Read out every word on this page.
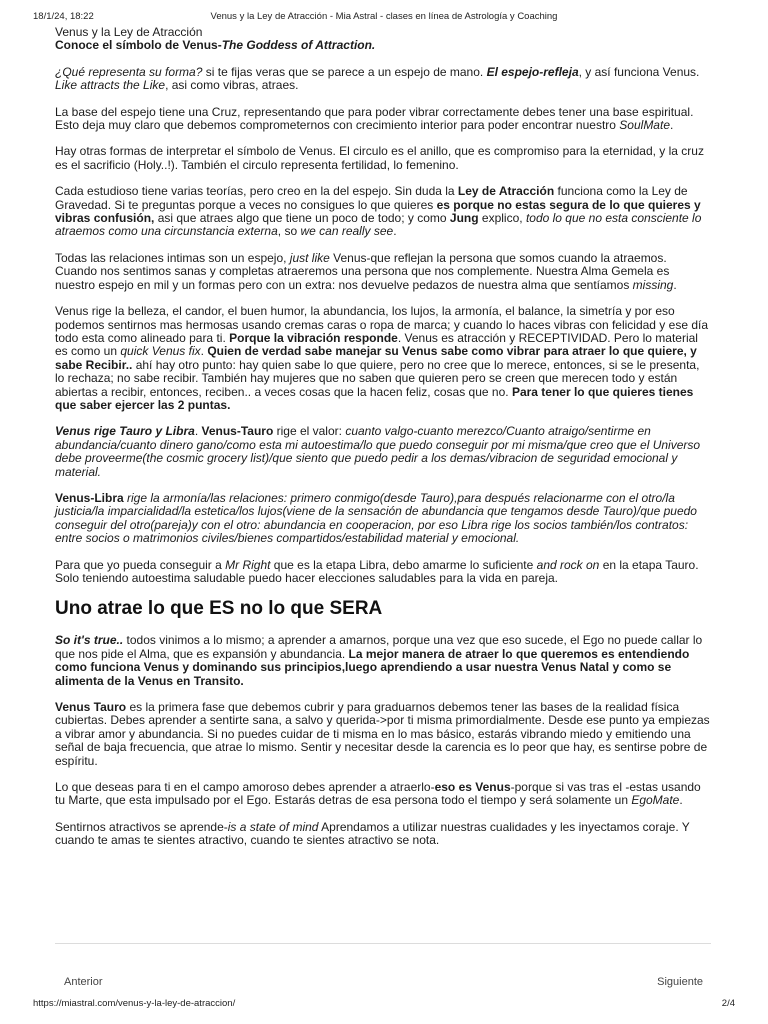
18/1/24, 18:22	Venus y la Ley de Atracción - Mia Astral - clases en línea de Astrología y Coaching

Venus y la Ley de Atracción

Conoce el símbolo de Venus-The Goddess of Attraction.

¿Qué representa su forma? si te fijas veras que se parece a un espejo de mano. El espejo-refleja, y así funciona Venus. Like attracts the Like, asi como vibras, atraes.

La base del espejo tiene una Cruz, representando que para poder vibrar correctamente debes tener una base espiritual. Esto deja muy claro que debemos comprometernos con crecimiento interior para poder encontrar nuestro SoulMate.

Hay otras formas de interpretar el símbolo de Venus. El circulo es el anillo, que es compromiso para la eternidad, y la cruz es el sacrificio (Holy..!). También el circulo representa fertilidad, lo femenino.

Cada estudioso tiene varias teorías, pero creo en la del espejo. Sin duda la Ley de Atracción funciona como la Ley de Gravedad. Si te preguntas porque a veces no consigues lo que quieres es porque no estas segura de lo que quieres y vibras confusión, asi que atraes algo que tiene un poco de todo; y como Jung explico, todo lo que no esta consciente lo atraemos como una circunstancia externa, so we can really see.

Todas las relaciones intimas son un espejo, just like Venus-que reflejan la persona que somos cuando la atraemos. Cuando nos sentimos sanas y completas atraeremos una persona que nos complemente. Nuestra Alma Gemela es nuestro espejo en mil y un formas pero con un extra: nos devuelve pedazos de nuestra alma que sentíamos missing.

Venus rige la belleza, el candor, el buen humor, la abundancia, los lujos, la armonía, el balance, la simetría y por eso podemos sentirnos mas hermosas usando cremas caras o ropa de marca; y cuando lo haces vibras con felicidad y ese día todo esta como alineado para ti. Porque la vibración responde. Venus es atracción y RECEPTIVIDAD. Pero lo material es como un quick Venus fix. Quien de verdad sabe manejar su Venus sabe como vibrar para atraer lo que quiere, y sabe Recibir.. ahí hay otro punto: hay quien sabe lo que quiere, pero no cree que lo merece, entonces, si se le presenta, lo rechaza; no sabe recibir. También hay mujeres que no saben que quieren pero se creen que merecen todo y están abiertas a recibir, entonces, reciben.. a veces cosas que la hacen feliz, cosas que no. Para tener lo que quieres tienes que saber ejercer las 2 puntas.

Venus rige Tauro y Libra. Venus-Tauro rige el valor: cuanto valgo-cuanto merezco/Cuanto atraigo/sentirme en abundancia/cuanto dinero gano/como esta mi autoestima/lo que puedo conseguir por mi misma/que creo que el Universo debe proveerme(the cosmic grocery list)/que siento que puedo pedir a los demas/vibracion de seguridad emocional y material.

Venus-Libra rige la armonía/las relaciones: primero conmigo(desde Tauro),para después relacionarme con el otro/la justicia/la imparcialidad/la estetica/los lujos(viene de la sensación de abundancia que tengamos desde Tauro)/que puedo conseguir del otro(pareja)y con el otro: abundancia en cooperacion, por eso Libra rige los socios también/los contratos: entre socios o matrimonios civiles/bienes compartidos/estabilidad material y emocional.

Para que yo pueda conseguir a Mr Right que es la etapa Libra, debo amarme lo suficiente and rock on en la etapa Tauro. Solo teniendo autoestima saludable puedo hacer elecciones saludables para la vida en pareja.

Uno atrae lo que ES no lo que SERA

So it's true.. todos vinimos a lo mismo; a aprender a amarnos, porque una vez que eso sucede, el Ego no puede callar lo que nos pide el Alma, que es expansión y abundancia. La mejor manera de atraer lo que queremos es entendiendo como funciona Venus y dominando sus principios,luego aprendiendo a usar nuestra Venus Natal y como se alimenta de la Venus en Transito.

Venus Tauro es la primera fase que debemos cubrir y para graduarnos debemos tener las bases de la realidad física cubiertas. Debes aprender a sentirte sana, a salvo y querida->por ti misma primordialmente. Desde ese punto ya empiezas a vibrar amor y abundancia. Si no puedes cuidar de ti misma en lo mas básico, estarás vibrando miedo y emitiendo una señal de baja frecuencia, que atrae lo mismo. Sentir y necesitar desde la carencia es lo peor que hay, es sentirse pobre de espíritu.

Lo que deseas para ti en el campo amoroso debes aprender a atraerlo-eso es Venus-porque si vas tras el -estas usando tu Marte, que esta impulsado por el Ego. Estarás detras de esa persona todo el tiempo y será solamente un EgoMate.

Sentirnos atractivos se aprende-is a state of mind Aprendamos a utilizar nuestras cualidades y les inyectamos coraje. Y cuando te amas te sientes atractivo, cuando te sientes atractivo se nota.

Anterior	Siguiente
https://miastral.com/venus-y-la-ley-de-atraccion/	2/4
